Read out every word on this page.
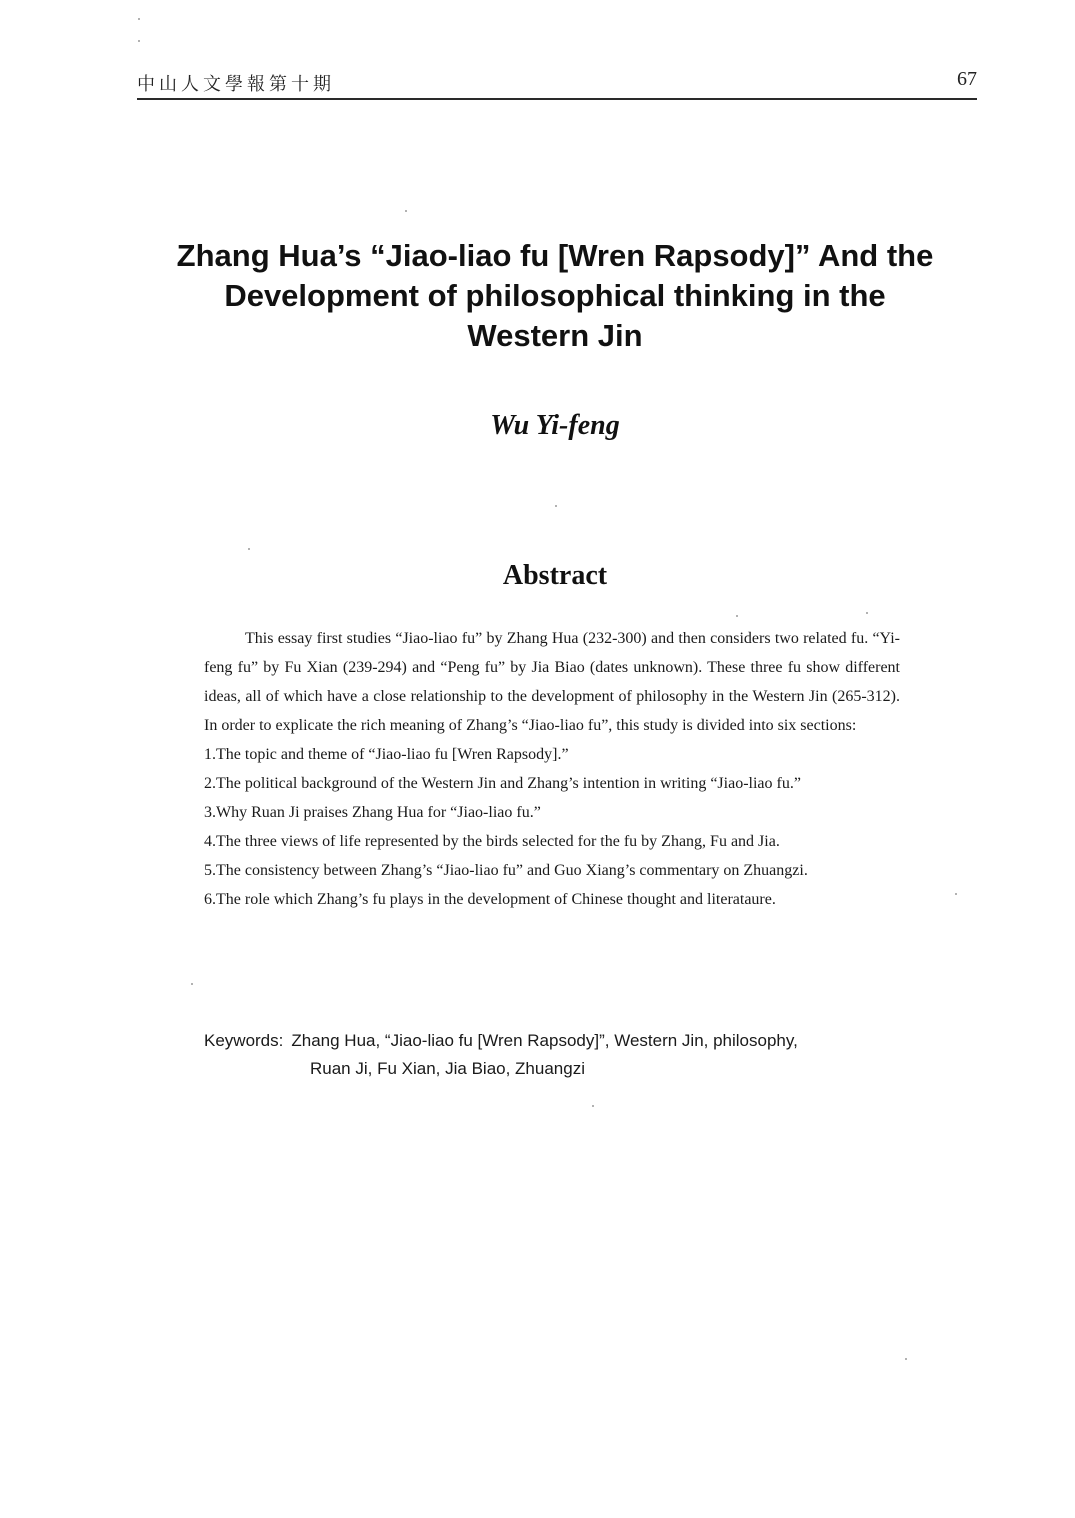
中山人文學報第十期	67
Zhang Hua’s “Jiao-liao fu [Wren Rapsody]” And the
Development of philosophical thinking in the
Western Jin
Wu Yi-feng
Abstract

This essay first studies “Jiao-liao fu” by Zhang Hua (232-300) and then considers two related fu. “Yi-feng fu” by Fu Xian (239-294) and “Peng fu” by Jia Biao (dates unknown). These three fu show different ideas, all of which have a close relationship to the development of philosophy in the Western Jin (265-312). In order to explicate the rich meaning of Zhang’s “Jiao-liao fu”, this study is divided into six sections:

1.The topic and theme of “Jiao-liao fu [Wren Rapsody].”
2.The political background of the Western Jin and Zhang’s intention in writing “Jiao-liao fu.”
3.Why Ruan Ji praises Zhang Hua for “Jiao-liao fu.”
4.The three views of life represented by the birds selected for the fu by Zhang, Fu and Jia.
5.The consistency between Zhang’s “Jiao-liao fu” and Guo Xiang’s commentary on Zhuangzi.
6.The role which Zhang’s fu plays in the development of Chinese thought and literataure.
Keywords: Zhang Hua, “Jiao-liao fu [Wren Rapsody]”, Western Jin, philosophy,
Ruan Ji, Fu Xian, Jia Biao, Zhuangzi
